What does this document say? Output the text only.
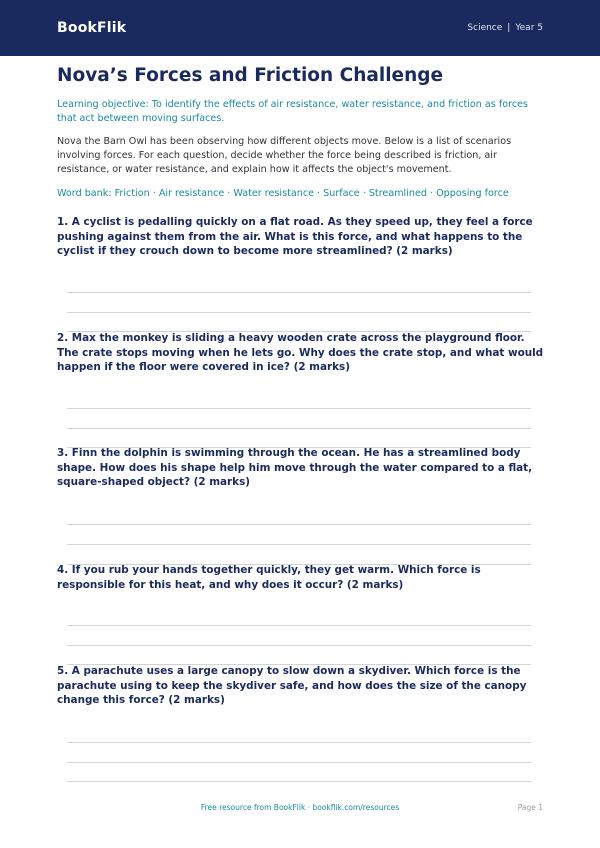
BookFlik	Science | Year 5
Nova’s Forces and Friction Challenge
Learning objective: To identify the effects of air resistance, water resistance, and friction as forces that act between moving surfaces.
Nova the Barn Owl has been observing how different objects move. Below is a list of scenarios involving forces. For each question, decide whether the force being described is friction, air resistance, or water resistance, and explain how it affects the object's movement.
Word bank: Friction · Air resistance · Water resistance · Surface · Streamlined · Opposing force

1. A cyclist is pedalling quickly on a flat road. As they speed up, they feel a force pushing against them from the air. What is this force, and what happens to the cyclist if they crouch down to become more streamlined? (2 marks)

2. Max the monkey is sliding a heavy wooden crate across the playground floor. The crate stops moving when he lets go. Why does the crate stop, and what would happen if the floor were covered in ice? (2 marks)

3. Finn the dolphin is swimming through the ocean. He has a streamlined body shape. How does his shape help him move through the water compared to a flat, square-shaped object? (2 marks)

4. If you rub your hands together quickly, they get warm. Which force is responsible for this heat, and why does it occur? (2 marks)

5. A parachute uses a large canopy to slow down a skydiver. Which force is the parachute using to keep the skydiver safe, and how does the size of the canopy change this force? (2 marks)

Free resource from BookFlik · bookflik.com/resources	Page 1
